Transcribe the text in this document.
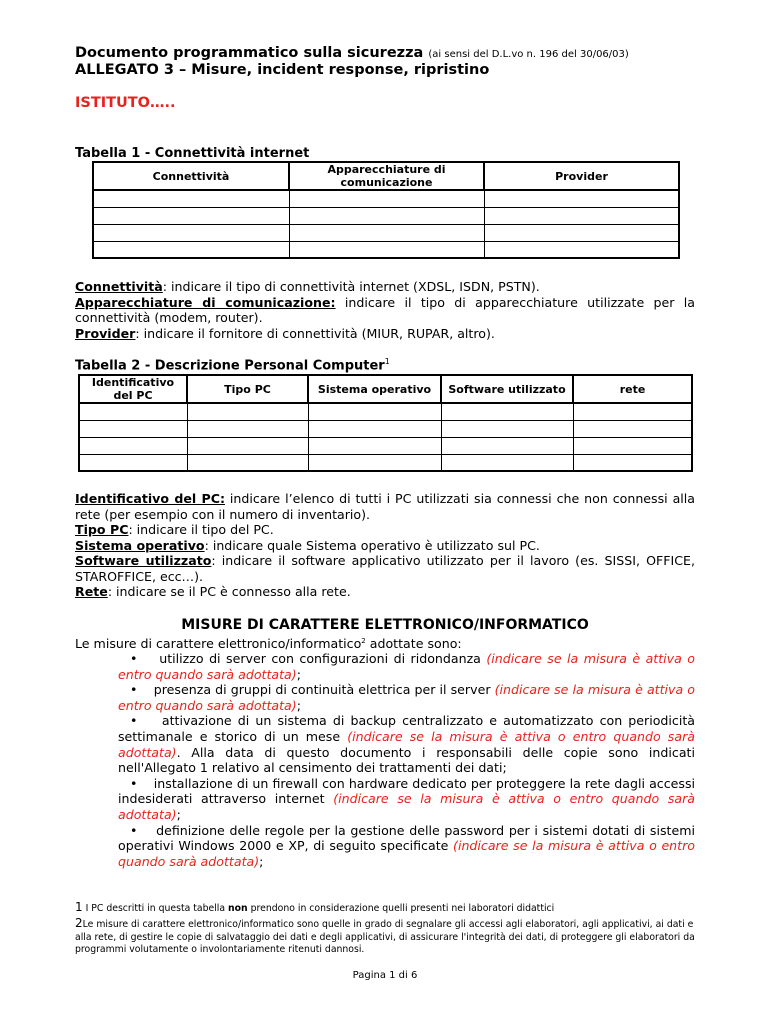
Documento programmatico sulla sicurezza (ai sensi del D.L.vo n. 196 del 30/06/03)
ALLEGATO 3 – Misure, incident response, ripristino
ISTITUTO…..
Tabella 1 - Connettività internet
Connettività	Apparecchiature di comunicazione	Provider

Connettività: indicare il tipo di connettività internet (XDSL, ISDN, PSTN).
Apparecchiature di comunicazione: indicare il tipo di apparecchiature utilizzate per la connettività (modem, router).
Provider: indicare il fornitore di connettività (MIUR, RUPAR, altro).
Tabella 2 - Descrizione Personal Computer$^1$
Identificativo del PC	Tipo PC	Sistema operativo	Software utilizzato	rete

Identificativo del PC: indicare l’elenco di tutti i PC utilizzati sia connessi che non connessi alla rete (per esempio con il numero di inventario).
Tipo PC: indicare il tipo del PC.
Sistema operativo: indicare quale Sistema operativo è utilizzato sul PC.
Software utilizzato: indicare il software applicativo utilizzato per il lavoro (es. SISSI, OFFICE, STAROFFICE, ecc…).
Rete: indicare se il PC è connesso alla rete.
MISURE DI CARATTERE ELETTRONICO/INFORMATICO
Le misure di carattere elettronico/informatico$^2$ adottate sono:
• utilizzo di server con configurazioni di ridondanza (indicare se la misura è attiva o entro quando sarà adottata);
• presenza di gruppi di continuità elettrica per il server (indicare se la misura è attiva o entro quando sarà adottata);
• attivazione di un sistema di backup centralizzato e automatizzato con periodicità settimanale e storico di un mese (indicare se la misura è attiva o entro quando sarà adottata). Alla data di questo documento i responsabili delle copie sono indicati nell'Allegato 1 relativo al censimento dei trattamenti dei dati;
• installazione di un firewall con hardware dedicato per proteggere la rete dagli accessi indesiderati attraverso internet (indicare se la misura è attiva o entro quando sarà adottata);
• definizione delle regole per la gestione delle password per i sistemi dotati di sistemi operativi Windows 2000 e XP, di seguito specificate (indicare se la misura è attiva o entro quando sarà adottata);
1 I PC descritti in questa tabella non prendono in considerazione quelli presenti nei laboratori didattici
2Le misure di carattere elettronico/informatico sono quelle in grado di segnalare gli accessi agli elaboratori, agli applicativi, ai dati e alla rete, di gestire le copie di salvataggio dei dati e degli applicativi, di assicurare l'integrità dei dati, di proteggere gli elaboratori da programmi volutamente o involontariamente ritenuti dannosi.
Pagina 1 di 6
